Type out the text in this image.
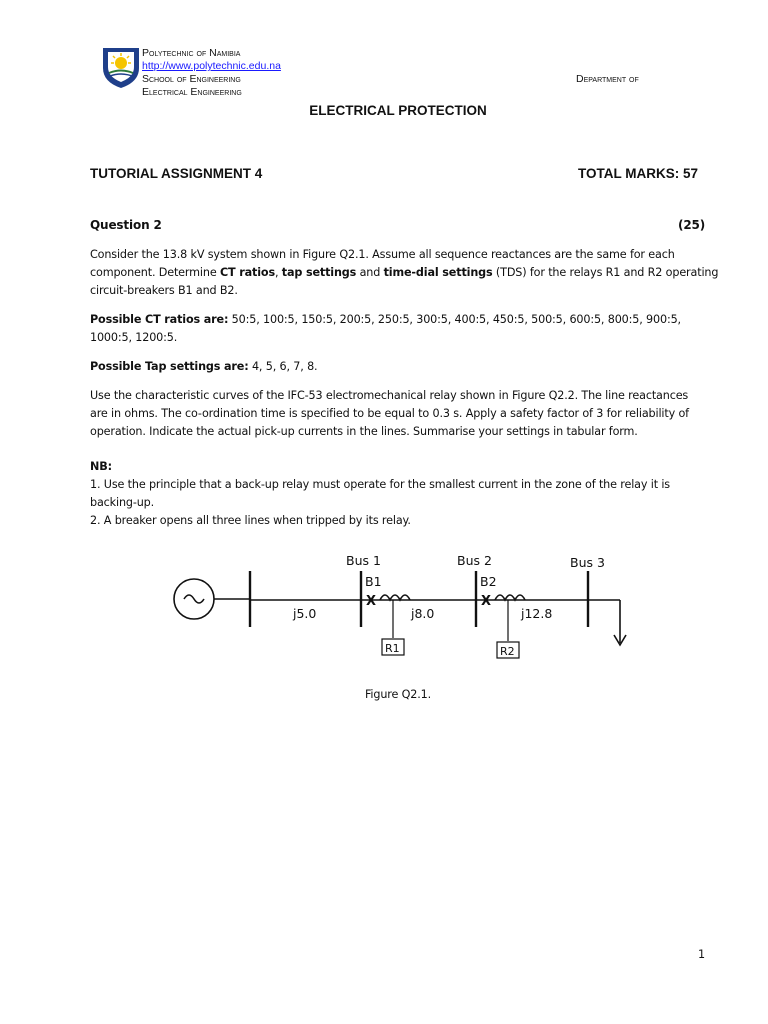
Polytechnic of Namibia
http://www.polytechnic.edu.na
School of Engineering	Department of
Electrical Engineering
ELECTRICAL PROTECTION
TUTORIAL ASSIGNMENT 4	TOTAL MARKS: 57
Question 2	(25)
Consider the 13.8 kV system shown in Figure Q2.1. Assume all sequence reactances are the same for each
component. Determine CT ratios, tap settings and time-dial settings (TDS) for the relays R1 and R2 operating
circuit-breakers B1 and B2.
Possible CT ratios are: 50:5, 100:5, 150:5, 200:5, 250:5, 300:5, 400:5, 450:5, 500:5, 600:5, 800:5, 900:5,
1000:5, 1200:5.
Possible Tap settings are: 4, 5, 6, 7, 8.
Use the characteristic curves of the IFC-53 electromechanical relay shown in Figure Q2.2. The line reactances
are in ohms. The co-ordination time is specified to be equal to 0.3 s. Apply a safety factor of 3 for reliability of
operation. Indicate the actual pick-up currents in the lines. Summarise your settings in tabular form.
NB:
1. Use the principle that a back-up relay must operate for the smallest current in the zone of the relay it is
backing-up.
2. A breaker opens all three lines when tripped by its relay.
Bus 1	Bus 2	Bus 3
B1	B2
X	X
j5.0	j8.0	j12.8
R1	R2
Figure Q2.1.
1
